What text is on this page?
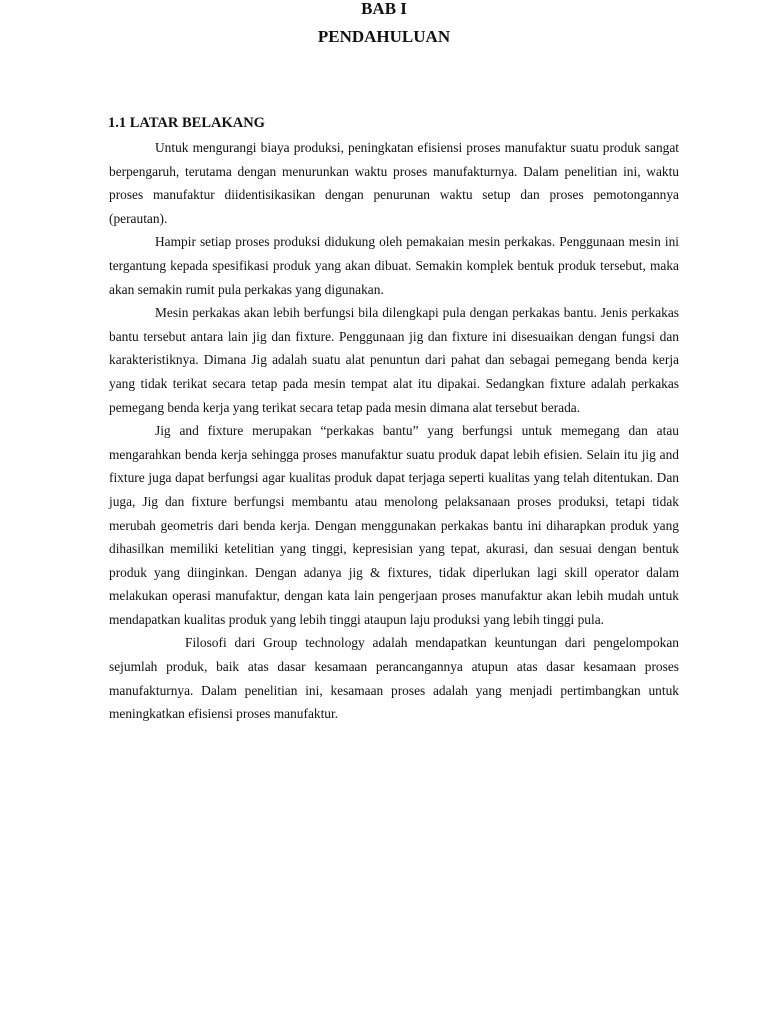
BAB I
PENDAHULUAN
1.1 LATAR BELAKANG

Untuk mengurangi biaya produksi, peningkatan efisiensi proses manufaktur suatu produk sangat berpengaruh, terutama dengan menurunkan waktu proses manufakturnya. Dalam penelitian ini, waktu proses manufaktur diidentisikasikan dengan penurunan waktu setup dan proses pemotongannya (perautan).

Hampir setiap proses produksi didukung oleh pemakaian mesin perkakas. Penggunaan mesin ini tergantung kepada spesifikasi produk yang akan dibuat. Semakin komplek bentuk produk tersebut, maka akan semakin rumit pula perkakas yang digunakan.

Mesin perkakas akan lebih berfungsi bila dilengkapi pula dengan perkakas bantu. Jenis perkakas bantu tersebut antara lain jig dan fixture. Penggunaan jig dan fixture ini disesuaikan dengan fungsi dan karakteristiknya. Dimana Jig adalah suatu alat penuntun dari pahat dan sebagai pemegang benda kerja yang tidak terikat secara tetap pada mesin tempat alat itu dipakai. Sedangkan fixture adalah perkakas pemegang benda kerja yang terikat secara tetap pada mesin dimana alat tersebut berada.

Jig and fixture merupakan “perkakas bantu” yang berfungsi untuk memegang dan atau mengarahkan benda kerja sehingga proses manufaktur suatu produk dapat lebih efisien. Selain itu jig and fixture juga dapat berfungsi agar kualitas produk dapat terjaga seperti kualitas yang telah ditentukan. Dan juga, Jig dan fixture berfungsi membantu atau menolong pelaksanaan proses produksi, tetapi tidak merubah geometris dari benda kerja. Dengan menggunakan perkakas bantu ini diharapkan produk yang dihasilkan memiliki ketelitian yang tinggi, kepresisian yang tepat, akurasi, dan sesuai dengan bentuk produk yang diinginkan. Dengan adanya jig & fixtures, tidak diperlukan lagi skill operator dalam melakukan operasi manufaktur, dengan kata lain pengerjaan proses manufaktur akan lebih mudah untuk mendapatkan kualitas produk yang lebih tinggi ataupun laju produksi yang lebih tinggi pula.

Filosofi dari Group technology adalah mendapatkan keuntungan dari pengelompokan sejumlah produk, baik atas dasar kesamaan perancangannya atupun atas dasar kesamaan proses manufakturnya. Dalam penelitian ini, kesamaan proses adalah yang menjadi pertimbangkan untuk meningkatkan efisiensi proses manufaktur.
